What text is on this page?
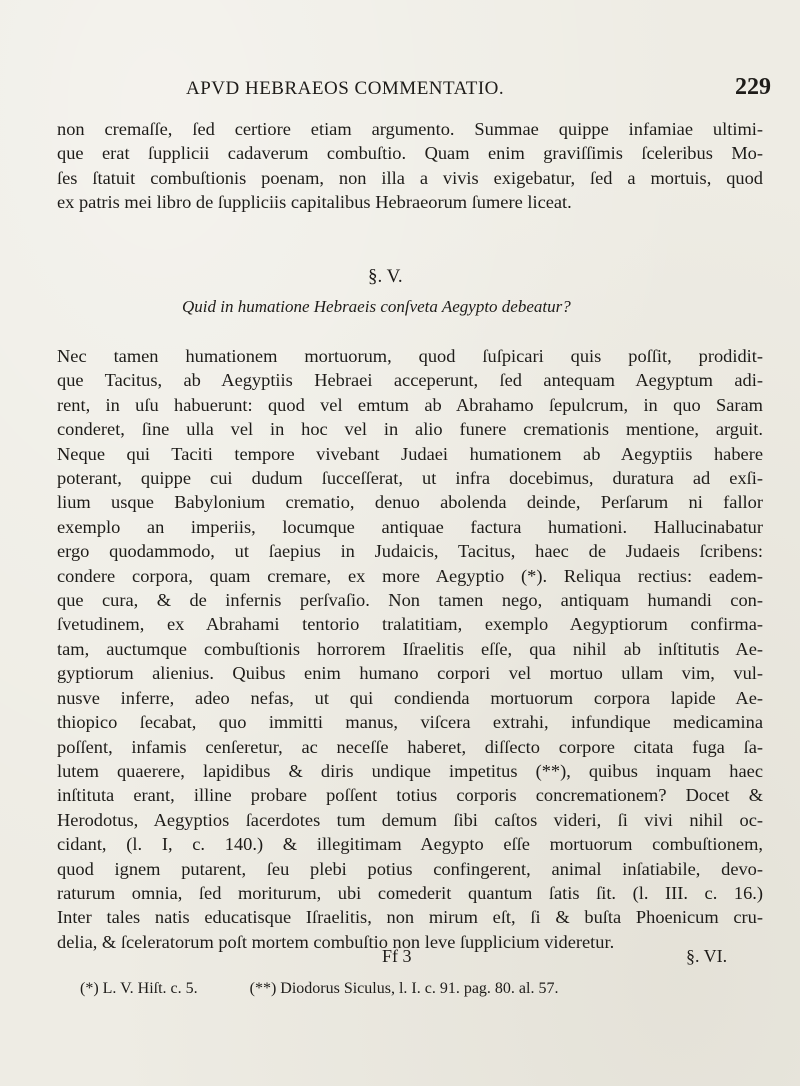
APVD HEBRAEOS COMMENTATIO.	229
non cremaſſe, ſed certiore etiam argumento. Summae quippe infamiae ultimi-
que erat ſupplicii cadaverum combuſtio. Quam enim graviſſimis ſceleribus Mo-
ſes ſtatuit combuſtionis poenam, non illa a vivis exigebatur, ſed a mortuis, quod
ex patris mei libro de ſuppliciis capitalibus Hebraeorum ſumere liceat.
§. V.
Quid in humatione Hebraeis conſveta Aegypto debeatur?
Nec tamen humationem mortuorum, quod ſuſpicari quis poſſit, prodidit-
que Tacitus, ab Aegyptiis Hebraei acceperunt, ſed antequam Aegyptum adi-
rent, in uſu habuerunt: quod vel emtum ab Abrahamo ſepulcrum, in quo Saram
conderet, ſine ulla vel in hoc vel in alio funere cremationis mentione, arguit.
Neque qui Taciti tempore vivebant Judaei humationem ab Aegyptiis habere
poterant, quippe cui dudum ſucceſſerat, ut infra docebimus, duratura ad exſi-
lium usque Babylonium crematio, denuo abolenda deinde, Perſarum ni fallor
exemplo an imperiis, locumque antiquae factura humationi. Hallucinabatur
ergo quodammodo, ut ſaepius in Judaicis, Tacitus, haec de Judaeis ſcribens:
condere corpora, quam cremare, ex more Aegyptio (*). Reliqua rectius: eadem-
que cura, & de infernis perſvaſio. Non tamen nego, antiquam humandi con-
ſvetudinem, ex Abrahami tentorio tralatitiam, exemplo Aegyptiorum confirma-
tam, auctumque combuſtionis horrorem Iſraelitis eſſe, qua nihil ab inſtitutis Ae-
gyptiorum alienius. Quibus enim humano corpori vel mortuo ullam vim, vul-
nusve inferre, adeo nefas, ut qui condienda mortuorum corpora lapide Ae-
thiopico ſecabat, quo immitti manus, viſcera extrahi, infundique medicamina
poſſent, infamis cenſeretur, ac neceſſe haberet, diſſecto corpore citata fuga ſa-
lutem quaerere, lapidibus & diris undique impetitus (**), quibus inquam haec
inſtituta erant, illine probare poſſent totius corporis concremationem? Docet &
Herodotus, Aegyptios ſacerdotes tum demum ſibi caſtos videri, ſi vivi nihil oc-
cidant, (l. I, c. 140.) & illegitimam Aegypto eſſe mortuorum combuſtionem,
quod ignem putarent, ſeu plebi potius confingerent, animal inſatiabile, devo-
raturum omnia, ſed moriturum, ubi comederit quantum ſatis ſit. (l. III. c. 16.)
Inter tales natis educatisque Iſraelitis, non mirum eſt, ſi & buſta Phoenicum cru-
delia, & ſceleratorum poſt mortem combuſtio non leve ſupplicium videretur.
Ff 3	§. VI.
(*) L. V. Hiſt. c. 5.	(**) Diodorus Siculus, l. I. c. 91. pag. 80. al. 57.
